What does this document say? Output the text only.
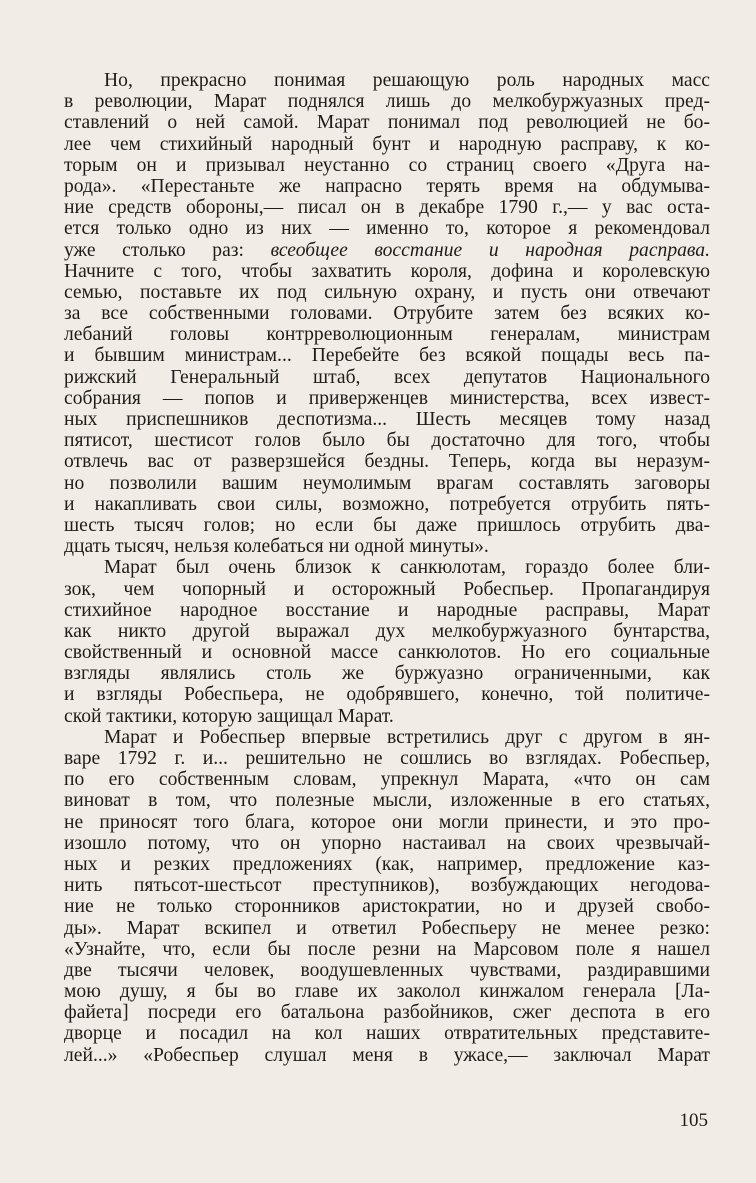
Но, прекрасно понимая решающую роль народных масс
в революции, Марат поднялся лишь до мелкобуржуазных пред-
ставлений о ней самой. Марат понимал под революцией не бо-
лее чем стихийный народный бунт и народную расправу, к ко-
торым он и призывал неустанно со страниц своего «Друга на-
рода». «Перестаньте же напрасно терять время на обдумыва-
ние средств обороны,— писал он в декабре 1790 г.,— у вас оста-
ется только одно из них — именно то, которое я рекомендовал
уже столько раз: всеобщее восстание и народная расправа.
Начните с того, чтобы захватить короля, дофина и королевскую
семью, поставьте их под сильную охрану, и пусть они отвечают
за все собственными головами. Отрубите затем без всяких ко-
лебаний головы контрреволюционным генералам, министрам
и бывшим министрам... Перебейте без всякой пощады весь па-
рижский Генеральный штаб, всех депутатов Национального
собрания — попов и приверженцев министерства, всех извест-
ных приспешников деспотизма... Шесть месяцев тому назад
пятисот, шестисот голов было бы достаточно для того, чтобы
отвлечь вас от разверзшейся бездны. Теперь, когда вы неразум-
но позволили вашим неумолимым врагам составлять заговоры
и накапливать свои силы, возможно, потребуется отрубить пять-
шесть тысяч голов; но если бы даже пришлось отрубить два-
дцать тысяч, нельзя колебаться ни одной минуты».
Марат был очень близок к санкюлотам, гораздо более бли-
зок, чем чопорный и осторожный Робеспьер. Пропагандируя
стихийное народное восстание и народные расправы, Марат
как никто другой выражал дух мелкобуржуазного бунтарства,
свойственный и основной массе санкюлотов. Но его социальные
взгляды являлись столь же буржуазно ограниченными, как
и взгляды Робеспьера, не одобрявшего, конечно, той политиче-
ской тактики, которую защищал Марат.
Марат и Робеспьер впервые встретились друг с другом в ян-
варе 1792 г. и... решительно не сошлись во взглядах. Робеспьер,
по его собственным словам, упрекнул Марата, «что он сам
виноват в том, что полезные мысли, изложенные в его статьях,
не приносят того блага, которое они могли принести, и это про-
изошло потому, что он упорно настаивал на своих чрезвычай-
ных и резких предложениях (как, например, предложение каз-
нить пятьсот-шестьсот преступников), возбуждающих негодова-
ние не только сторонников аристократии, но и друзей свобо-
ды». Марат вскипел и ответил Робеспьеру не менее резко:
«Узнайте, что, если бы после резни на Марсовом поле я нашел
две тысячи человек, воодушевленных чувствами, раздиравшими
мою душу, я бы во главе их заколол кинжалом генерала [Ла-
файета] посреди его батальона разбойников, сжег деспота в его
дворце и посадил на кол наших отвратительных представите-
лей...» «Робеспьер слушал меня в ужасе,— заключал Марат
105
